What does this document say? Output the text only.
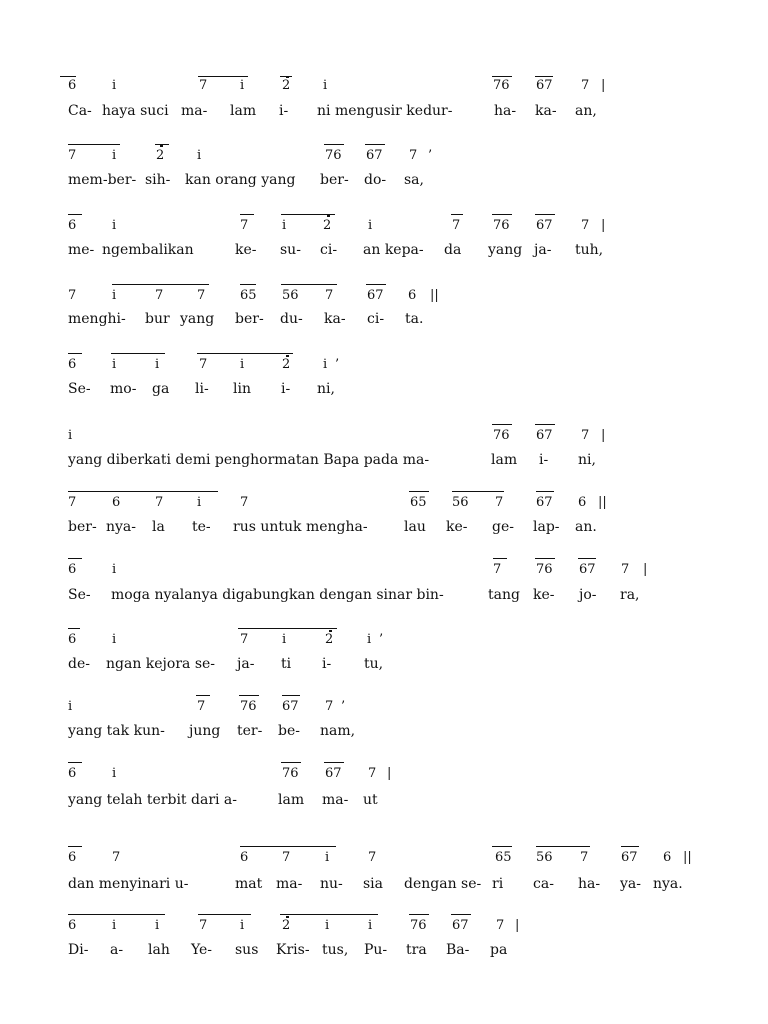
6	i	7	i	2	i	76 67 7 |
Ca- haya suci ma- lam i- ni mengusir kedur-	ha- ka- an,
7	i	2	i	76 67 7 ’
mem-ber- sih- kan orang yang ber- do- sa,
6	i	7	i	2	i	7	76 67 7 |
me- ngembalikan	ke- su- ci- an kepa- da yang ja- tuh,
7	i	7	7	65 56 7	67 6 ||
menghi- bur yang ber- du- ka- ci- ta.
6	i	i	7	i	2	i ’
Se- mo- ga li- lin i- ni,
i	76 67 7 |
yang diberkati demi penghormatan Bapa pada ma-	lam i- ni,
7	6	7	i	7	65 56 7	67 6 ||
ber- nya- la te- rus untuk mengha-	lau ke- ge- lap- an.
6	i	7	76 67 7 |
Se- moga nyalanya digabungkan dengan sinar bin-	tang ke- jo- ra,
6	i	7	i	2	i ’
de- ngan kejora se- ja- ti i- tu,
i	7	76 67 7 ’
yang tak kun- jung ter- be- nam,
6	i	76 67 7 |
yang telah terbit dari a-	lam ma- ut
6	7	6	7	i	7	65 56 7	67 6 ||
dan menyinari u-	mat ma- nu- sia dengan se- ri ca- ha- ya- nya.
6	i	i	7	i	2	i	i	76 67 7 |
Di- a- lah Ye- sus Kris- tus, Pu- tra Ba- pa
